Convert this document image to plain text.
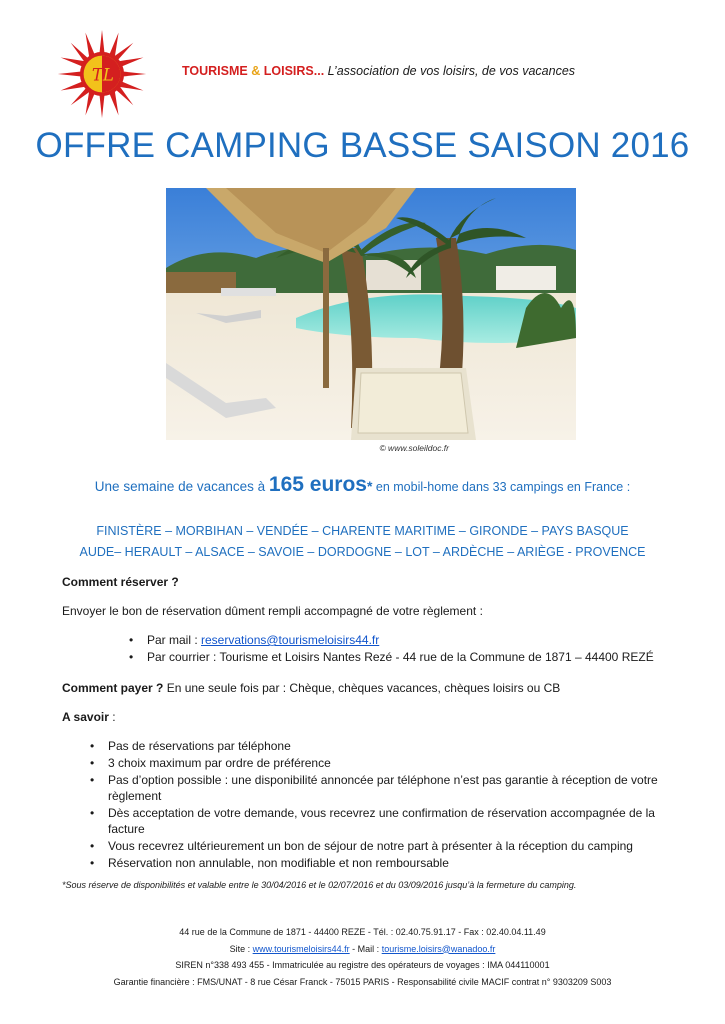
T L	TOURISME & LOISIRS... L’association de vos loisirs, de vos vacances
OFFRE CAMPING BASSE SAISON 2016
© www.soleildoc.fr
Une semaine de vacances à 165 euros* en mobil-home dans 33 campings en France :
FINISTÈRE – MORBIHAN – VENDÉE – CHARENTE MARITIME – GIRONDE – PAYS BASQUE
AUDE– HERAULT – ALSACE – SAVOIE – DORDOGNE – LOT – ARDÈCHE – ARIÈGE - PROVENCE
Comment réserver ?
Envoyer le bon de réservation dûment rempli accompagné de votre règlement :
• Par mail : reservations@tourismeloisirs44.fr
• Par courrier : Tourisme et Loisirs Nantes Rezé - 44 rue de la Commune de 1871 – 44400 REZÉ
Comment payer ? En une seule fois par : Chèque, chèques vacances, chèques loisirs ou CB
A savoir :
• Pas de réservations par téléphone
• 3 choix maximum par ordre de préférence
• Pas d’option possible : une disponibilité annoncée par téléphone n’est pas garantie à réception de votre règlement
• Dès acceptation de votre demande, vous recevrez une confirmation de réservation accompagnée de la facture
• Vous recevrez ultérieurement un bon de séjour de notre part à présenter à la réception du camping
• Réservation non annulable, non modifiable et non remboursable
*Sous réserve de disponibilités et valable entre le 30/04/2016 et le 02/07/2016 et du 03/09/2016 jusqu’à la fermeture du camping.
44 rue de la Commune de 1871 - 44400 REZE - Tél. : 02.40.75.91.17 - Fax : 02.40.04.11.49
Site : www.tourismeloisirs44.fr - Mail : tourisme.loisirs@wanadoo.fr
SIREN n°338 493 455 - Immatriculée au registre des opérateurs de voyages : IMA 044110001
Garantie financière : FMS/UNAT - 8 rue César Franck - 75015 PARIS - Responsabilité civile MACIF contrat n° 9303209 S003
